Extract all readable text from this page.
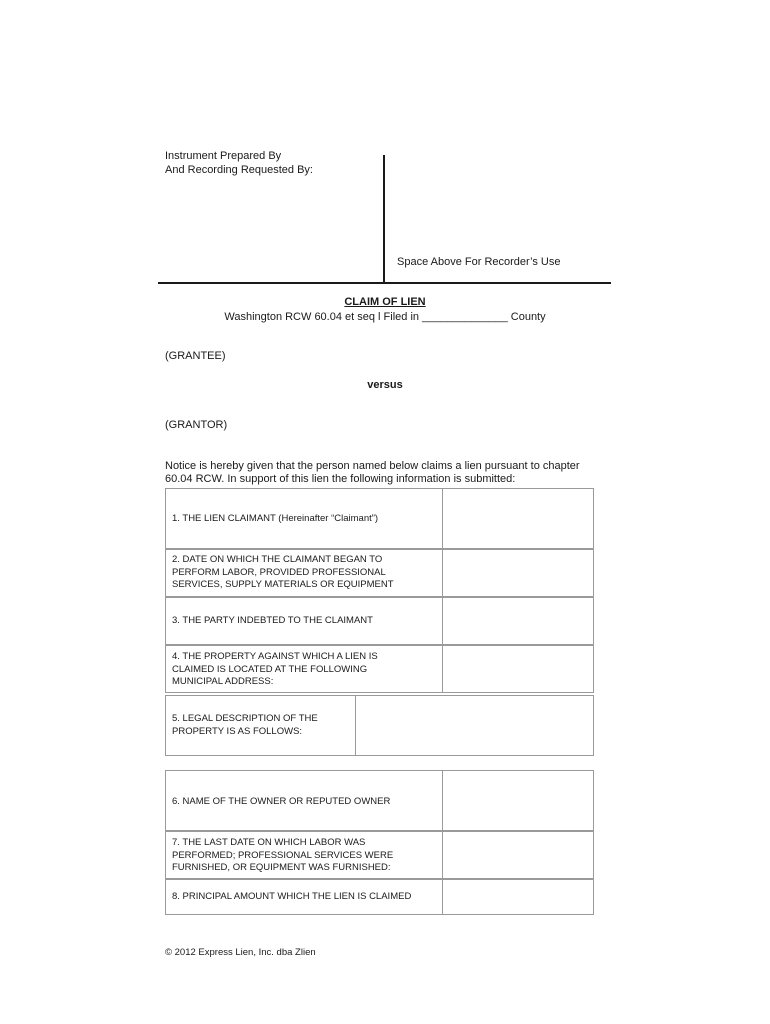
Instrument Prepared By
And Recording Requested By:
Space Above For Recorder’s Use
CLAIM OF LIEN
Washington RCW 60.04 et seq l Filed in ______________ County
(GRANTEE)
versus
(GRANTOR)
Notice is hereby given that the person named below claims a lien pursuant to chapter
60.04 RCW. In support of this lien the following information is submitted:
1. THE LIEN CLAIMANT (Hereinafter “Claimant”)
2. DATE ON WHICH THE CLAIMANT BEGAN TO
PERFORM LABOR, PROVIDED PROFESSIONAL
SERVICES, SUPPLY MATERIALS OR EQUIPMENT
3. THE PARTY INDEBTED TO THE CLAIMANT
4. THE PROPERTY AGAINST WHICH A LIEN IS
CLAIMED IS LOCATED AT THE FOLLOWING
MUNICIPAL ADDRESS:
5. LEGAL DESCRIPTION OF THE
PROPERTY IS AS FOLLOWS:
6. NAME OF THE OWNER OR REPUTED OWNER
7. THE LAST DATE ON WHICH LABOR WAS
PERFORMED; PROFESSIONAL SERVICES WERE
FURNISHED, OR EQUIPMENT WAS FURNISHED:
8. PRINCIPAL AMOUNT WHICH THE LIEN IS CLAIMED
© 2012 Express Lien, Inc. dba Zlien
